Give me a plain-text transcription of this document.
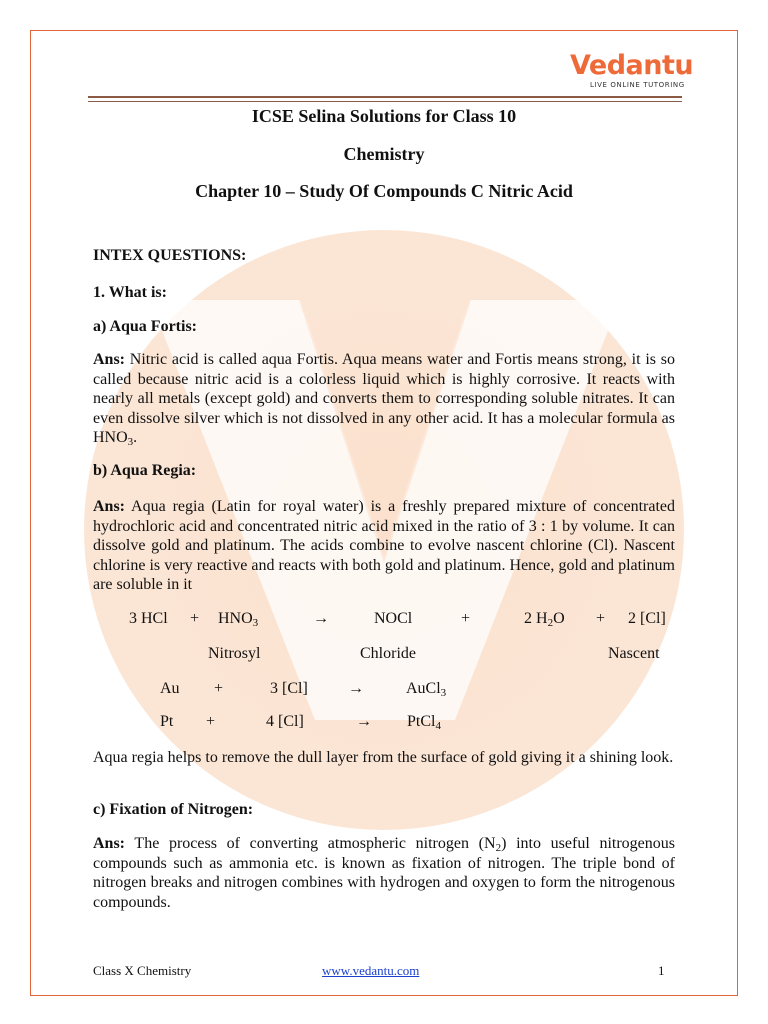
Vedantu
LIVE ONLINE TUTORING
ICSE Selina Solutions for Class 10
Chemistry
Chapter 10 – Study Of Compounds C Nitric Acid
INTEX QUESTIONS:
1. What is:
a) Aqua Fortis:
Ans: Nitric acid is called aqua Fortis. Aqua means water and Fortis means strong, it is so called because nitric acid is a colorless liquid which is highly corrosive. It reacts with nearly all metals (except gold) and converts them to corresponding soluble nitrates. It can even dissolve silver which is not dissolved in any other acid. It has a molecular formula as $HNO_3$.
b) Aqua Regia:
Ans: Aqua regia (Latin for royal water) is a freshly prepared mixture of concentrated hydrochloric acid and concentrated nitric acid mixed in the ratio of 3 : 1 by volume. It can dissolve gold and platinum. The acids combine to evolve nascent chlorine (Cl). Nascent chlorine is very reactive and reacts with both gold and platinum. Hence, gold and platinum are soluble in it
3 HCl + $HNO_3$	→	NOCl	+	2 $H_2O + 2$ [Cl]
Nitrosyl	Chloride	Nascent
Au +	3 [Cl]	→	AuCl$_3$
Pt +	4 [Cl]	→ PtCl$_4$
Aqua regia helps to remove the dull layer from the surface of gold giving it a shining look.
c) Fixation of Nitrogen:
Ans: The process of converting atmospheric nitrogen $(N_2)$ into useful nitrogenous compounds such as ammonia etc. is known as fixation of nitrogen. The triple bond of nitrogen breaks and nitrogen combines with hydrogen and oxygen to form the nitrogenous compounds.
Class X Chemistry	www.vedantu.com	1
